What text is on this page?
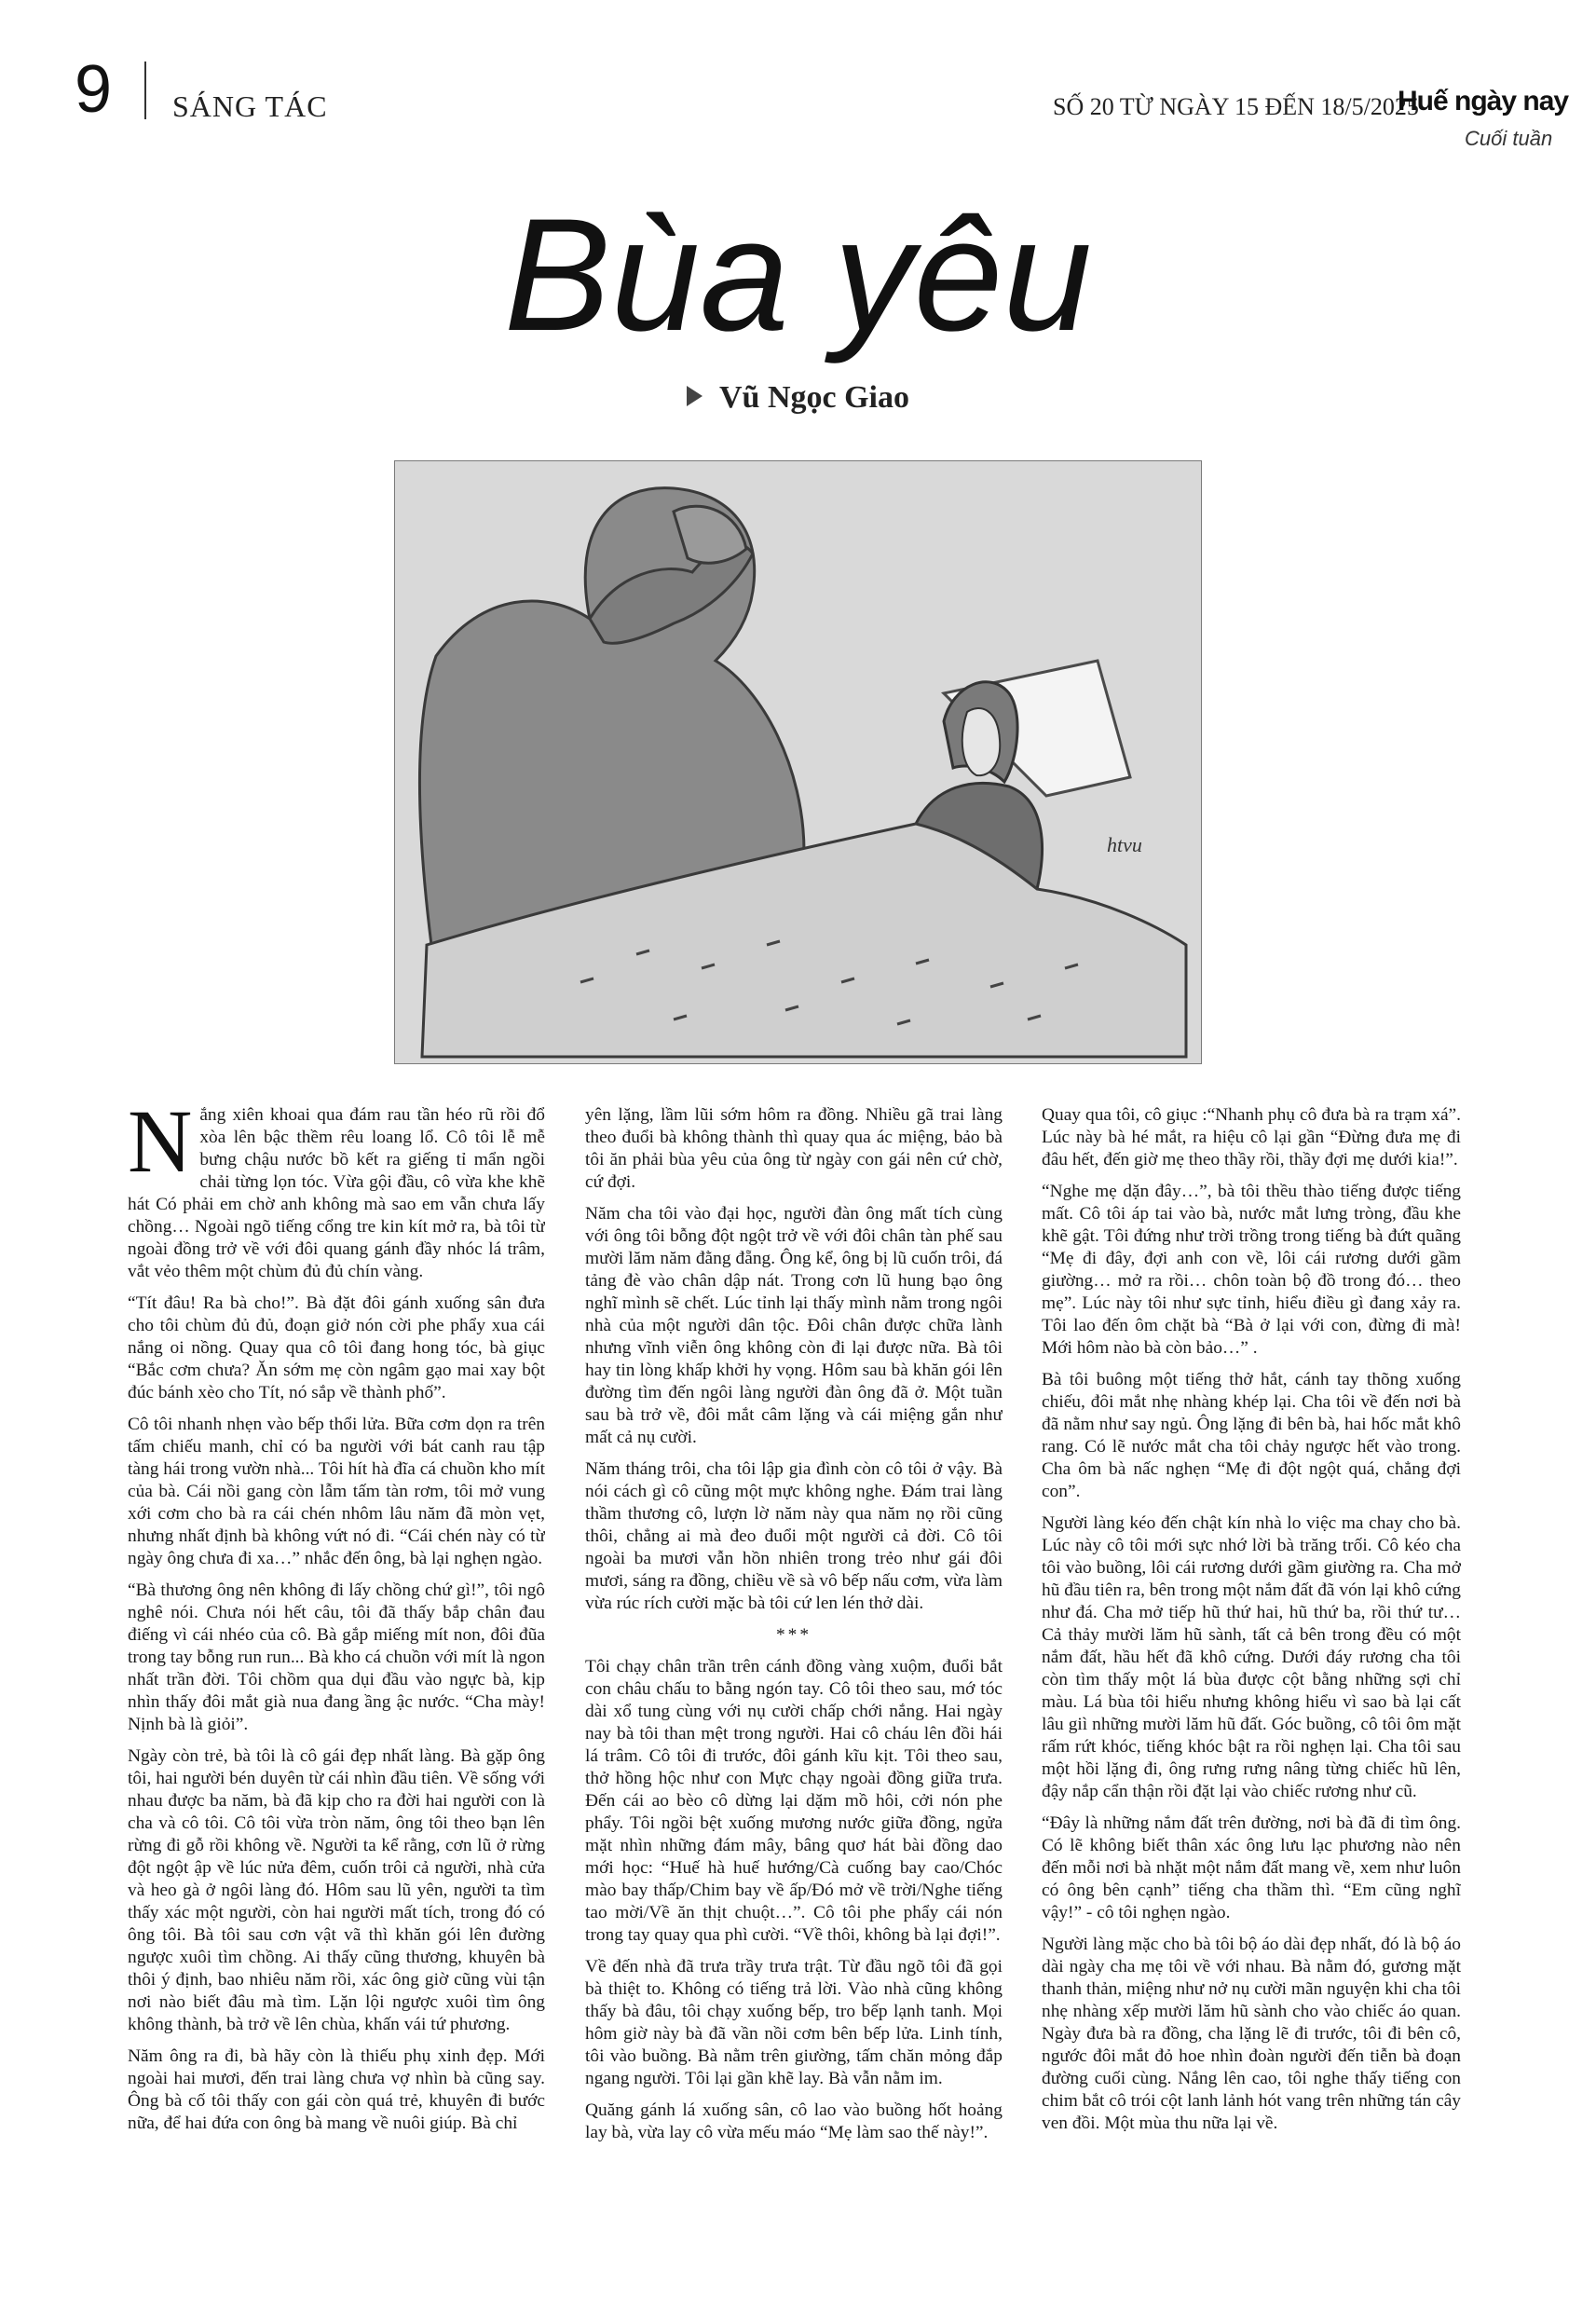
9 SÁNG TÁC	SỐ 20 TỪ NGÀY 15 ĐẾN 18/5/2025
Huế ngày nay
Cuối tuần
Bùa yêu
Vũ Ngọc Giao
htvu

Nắng xiên khoai qua đám rau tần héo rũ rồi đổ xòa lên bậc thềm rêu loang lổ. Cô tôi lễ mễ bưng chậu nước bồ kết ra giếng tỉ mẩn ngồi chải từng lọn tóc. Vừa gội đầu, cô vừa khe khẽ hát Có phải em chờ anh không mà sao em vẫn chưa lấy chồng… Ngoài ngõ tiếng cổng tre kin kít mở ra, bà tôi từ ngoài đồng trở về với đôi quang gánh đầy nhóc lá trâm, vắt vẻo thêm một chùm đủ đủ chín vàng.

“Tít đâu! Ra bà cho!”. Bà đặt đôi gánh xuống sân đưa cho tôi chùm đủ đủ, đoạn giở nón cời phe phẩy xua cái nắng oi nồng. Quay qua cô tôi đang hong tóc, bà giục “Bắc cơm chưa? Ăn sớm mẹ còn ngâm gạo mai xay bột đúc bánh xèo cho Tít, nó sắp về thành phố”.

Cô tôi nhanh nhẹn vào bếp thổi lửa. Bữa cơm dọn ra trên tấm chiếu manh, chỉ có ba người với bát canh rau tập tàng hái trong vườn nhà... Tôi hít hà đĩa cá chuồn kho mít của bà. Cái nồi gang còn lẫm tấm tàn rơm, tôi mở vung xới cơm cho bà ra cái chén nhôm lâu năm đã mòn vẹt, nhưng nhất định bà không vứt nó đi. “Cái chén này có từ ngày ông chưa đi xa…” nhắc đến ông, bà lại nghẹn ngào.

“Bà thương ông nên không đi lấy chồng chứ gì!”, tôi ngô nghê nói. Chưa nói hết câu, tôi đã thấy bắp chân đau điếng vì cái nhéo của cô. Bà gắp miếng mít non, đôi đũa trong tay bỗng run run... Bà kho cá chuồn với mít là ngon nhất trần đời. Tôi chồm qua dụi đầu vào ngực bà, kịp nhìn thấy đôi mắt già nua đang ầng ậc nước. “Cha mày! Nịnh bà là giỏi”.

Ngày còn trẻ, bà tôi là cô gái đẹp nhất làng. Bà gặp ông tôi, hai người bén duyên từ cái nhìn đầu tiên. Về sống với nhau được ba năm, bà đã kịp cho ra đời hai người con là cha và cô tôi. Cô tôi vừa tròn năm, ông tôi theo bạn lên rừng đi gỗ rồi không về. Người ta kể rằng, cơn lũ ở rừng đột ngột ập về lúc nửa đêm, cuốn trôi cả người, nhà cửa và heo gà ở ngôi làng đó. Hôm sau lũ yên, người ta tìm thấy xác một người, còn hai người mất tích, trong đó có ông tôi. Bà tôi sau cơn vật vã thì khăn gói lên đường ngược xuôi tìm chồng. Ai thấy cũng thương, khuyên bà thôi ý định, bao nhiêu năm rồi, xác ông giờ cũng vùi tận nơi nào biết đâu mà tìm. Lặn lội ngược xuôi tìm ông không thành, bà trở về lên chùa, khấn vái tứ phương.

Năm ông ra đi, bà hãy còn là thiếu phụ xinh đẹp. Mới ngoài hai mươi, đến trai làng chưa vợ nhìn bà cũng say. Ông bà cố tôi thấy con gái còn quá trẻ, khuyên đi bước nữa, để hai đứa con ông bà mang về nuôi giúp. Bà chỉ

yên lặng, lầm lũi sớm hôm ra đồng. Nhiều gã trai làng theo đuổi bà không thành thì quay qua ác miệng, bảo bà tôi ăn phải bùa yêu của ông từ ngày con gái nên cứ chờ, cứ đợi.

Năm cha tôi vào đại học, người đàn ông mất tích cùng với ông tôi bỗng đột ngột trở về với đôi chân tàn phế sau mười lăm năm đằng đẵng. Ông kể, ông bị lũ cuốn trôi, đá tảng đè vào chân dập nát. Trong cơn lũ hung bạo ông nghĩ mình sẽ chết. Lúc tỉnh lại thấy mình nằm trong ngôi nhà của một người dân tộc. Đôi chân được chữa lành nhưng vĩnh viễn ông không còn đi lại được nữa. Bà tôi hay tin lòng khấp khởi hy vọng. Hôm sau bà khăn gói lên đường tìm đến ngôi làng người đàn ông đã ở. Một tuần sau bà trở về, đôi mắt câm lặng và cái miệng gắn như mất cả nụ cười.

Năm tháng trôi, cha tôi lập gia đình còn cô tôi ở vậy. Bà nói cách gì cô cũng một mực không nghe. Đám trai làng thầm thương cô, lượn lờ năm này qua năm nọ rồi cũng thôi, chẳng ai mà đeo đuổi một người cả đời. Cô tôi ngoài ba mươi vẫn hồn nhiên trong trẻo như gái đôi mươi, sáng ra đồng, chiều về sà vô bếp nấu cơm, vừa làm vừa rúc rích cười mặc bà tôi cứ len lén thở dài.

***

Tôi chạy chân trần trên cánh đồng vàng xuộm, đuổi bắt con châu chấu to bằng ngón tay. Cô tôi theo sau, mớ tóc dài xổ tung cùng với nụ cười chấp chới nắng. Hai ngày nay bà tôi than mệt trong người. Hai cô cháu lên đồi hái lá trâm. Cô tôi đi trước, đôi gánh kĩu kịt. Tôi theo sau, thở hồng hộc như con Mực chạy ngoài đồng giữa trưa. Đến cái ao bèo cô dừng lại dặm mồ hôi, cởi nón phe phẩy. Tôi ngồi bệt xuống mương nước giữa đồng, ngửa mặt nhìn những đám mây, bâng quơ hát bài đồng dao mới học: “Huế hà huế hướng/Cà cuống bay cao/Chóc mào bay thấp/Chim bay về ấp/Đó mở về trời/Nghe tiếng tao mời/Về ăn thịt chuột…”. Cô tôi phe phẩy cái nón trong tay quay qua phì cười. “Về thôi, không bà lại đợi!”.

Về đến nhà đã trưa trầy trưa trật. Từ đầu ngõ tôi đã gọi bà thiệt to. Không có tiếng trả lời. Vào nhà cũng không thấy bà đâu, tôi chạy xuống bếp, tro bếp lạnh tanh. Mọi hôm giờ này bà đã vần nồi cơm bên bếp lửa. Linh tính, tôi vào buồng. Bà nằm trên giường, tấm chăn mỏng đắp ngang người. Tôi lại gần khẽ lay. Bà vẫn nằm im.

Quăng gánh lá xuống sân, cô lao vào buồng hốt hoảng lay bà, vừa lay cô vừa mếu máo “Mẹ làm sao thế này!”.

Quay qua tôi, cô giục :“Nhanh phụ cô đưa bà ra trạm xá”. Lúc này bà hé mắt, ra hiệu cô lại gần “Đừng đưa mẹ đi đâu hết, đến giờ mẹ theo thầy rồi, thầy đợi mẹ dưới kia!”.

“Nghe mẹ dặn đây…”, bà tôi thều thào tiếng được tiếng mất. Cô tôi áp tai vào bà, nước mắt lưng tròng, đầu khe khẽ gật. Tôi đứng như trời trồng trong tiếng bà đứt quãng “Mẹ đi đây, đợi anh con về, lôi cái rương dưới gầm giường… mở ra rồi… chôn toàn bộ đồ trong đó… theo mẹ”. Lúc này tôi như sực tỉnh, hiểu điều gì đang xảy ra. Tôi lao đến ôm chặt bà “Bà ở lại với con, đừng đi mà! Mới hôm nào bà còn bảo…” .

Bà tôi buông một tiếng thở hắt, cánh tay thõng xuống chiếu, đôi mắt nhẹ nhàng khép lại. Cha tôi về đến nơi bà đã nằm như say ngủ. Ông lặng đi bên bà, hai hốc mắt khô rang. Có lẽ nước mắt cha tôi chảy ngược hết vào trong. Cha ôm bà nấc nghẹn “Mẹ đi đột ngột quá, chẳng đợi con”.

Người làng kéo đến chật kín nhà lo việc ma chay cho bà. Lúc này cô tôi mới sực nhớ lời bà trăng trối. Cô kéo cha tôi vào buồng, lôi cái rương dưới gầm giường ra. Cha mở hũ đầu tiên ra, bên trong một nắm đất đã vón lại khô cứng như đá. Cha mở tiếp hũ thứ hai, hũ thứ ba, rồi thứ tư… Cả thảy mười lăm hũ sành, tất cả bên trong đều có một nắm đất, hầu hết đã khô cứng. Dưới đáy rương cha tôi còn tìm thấy một lá bùa được cột bằng những sợi chỉ màu. Lá bùa tôi hiểu nhưng không hiểu vì sao bà lại cất lâu giì những mười lăm hũ đất. Góc buồng, cô tôi ôm mặt rấm rứt khóc, tiếng khóc bật ra rồi nghẹn lại. Cha tôi sau một hồi lặng đi, ông rưng rưng nâng từng chiếc hũ lên, đậy nắp cẩn thận rồi đặt lại vào chiếc rương như cũ.

“Đây là những nắm đất trên đường, nơi bà đã đi tìm ông. Có lẽ không biết thân xác ông lưu lạc phương nào nên đến mỗi nơi bà nhặt một nắm đất mang về, xem như luôn có ông bên cạnh” tiếng cha thầm thì. “Em cũng nghĩ vậy!” - cô tôi nghẹn ngào.

Người làng mặc cho bà tôi bộ áo dài đẹp nhất, đó là bộ áo dài ngày cha mẹ tôi về với nhau. Bà nằm đó, gương mặt thanh thản, miệng như nở nụ cười mãn nguyện khi cha tôi nhẹ nhàng xếp mười lăm hũ sành cho vào chiếc áo quan. Ngày đưa bà ra đồng, cha lặng lẽ đi trước, tôi đi bên cô, ngước đôi mắt đỏ hoe nhìn đoàn người đến tiễn bà đoạn đường cuối cùng. Nắng lên cao, tôi nghe thấy tiếng con chim bắt cô trói cột lanh lảnh hót vang trên những tán cây ven đồi. Một mùa thu nữa lại về.
